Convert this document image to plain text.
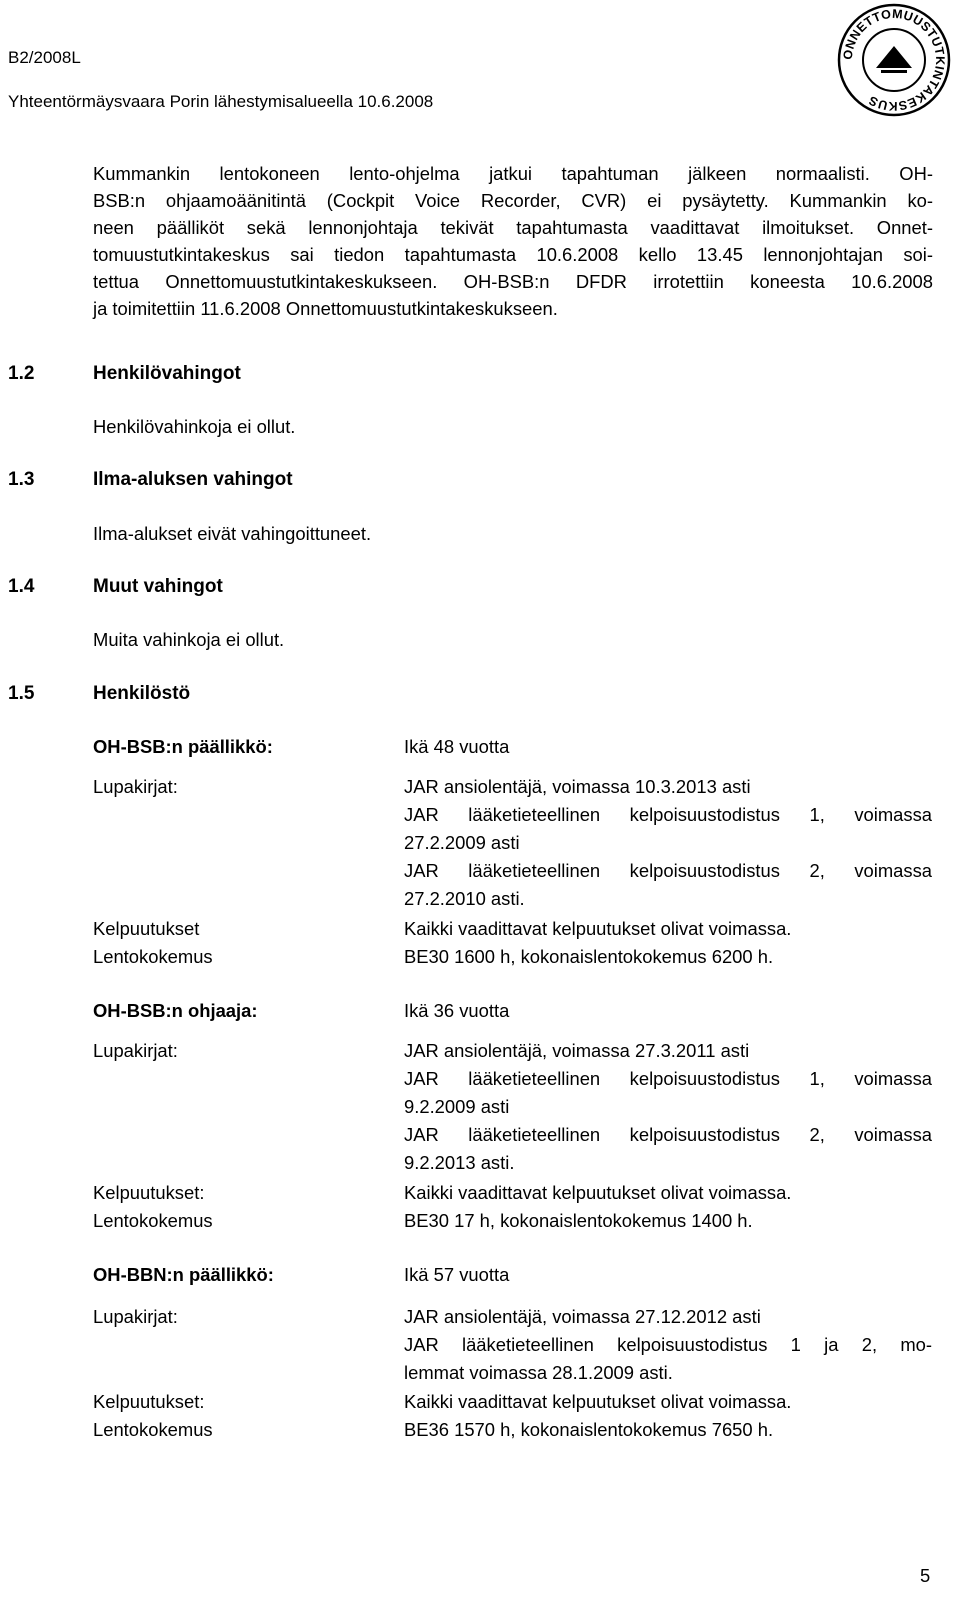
B2/2008L
Yhteentörmäysvaara Porin lähestymisalueella 10.6.2008
ONNETTOMUUSTUTKINTAKESKUS
Kummankin lentokoneen lento-ohjelma jatkui tapahtuman jälkeen normaalisti. OH-
BSB:n ohjaamoäänitintä (Cockpit Voice Recorder, CVR) ei pysäytetty. Kummankin ko-
neen päälliköt sekä lennonjohtaja tekivät tapahtumasta vaadittavat ilmoitukset. Onnet-
tomuustutkintakeskus sai tiedon tapahtumasta 10.6.2008 kello 13.45 lennonjohtajan soi-
tettua Onnettomuustutkintakeskukseen. OH-BSB:n DFDR irrotettiin koneesta 10.6.2008
ja toimitettiin 11.6.2008 Onnettomuustutkintakeskukseen.
1.2	Henkilövahingot
Henkilövahinkoja ei ollut.
1.3	Ilma-aluksen vahingot
Ilma-alukset eivät vahingoittuneet.
1.4	Muut vahingot
Muita vahinkoja ei ollut.
1.5	Henkilöstö
OH-BSB:n päällikkö:	Ikä 48 vuotta
Lupakirjat:	JAR ansiolentäjä, voimassa 10.3.2013 asti
JAR lääketieteellinen kelpoisuustodistus 1, voimassa
27.2.2009 asti
JAR lääketieteellinen kelpoisuustodistus 2, voimassa
27.2.2010 asti.
Kelpuutukset	Kaikki vaadittavat kelpuutukset olivat voimassa.
Lentokokemus	BE30 1600 h, kokonaislentokokemus 6200 h.
OH-BSB:n ohjaaja:	Ikä 36 vuotta
Lupakirjat:	JAR ansiolentäjä, voimassa 27.3.2011 asti
JAR lääketieteellinen kelpoisuustodistus 1, voimassa
9.2.2009 asti
JAR lääketieteellinen kelpoisuustodistus 2, voimassa
9.2.2013 asti.
Kelpuutukset:	Kaikki vaadittavat kelpuutukset olivat voimassa.
Lentokokemus	BE30 17 h, kokonaislentokokemus 1400 h.
OH-BBN:n päällikkö:	Ikä 57 vuotta
Lupakirjat:	JAR ansiolentäjä, voimassa 27.12.2012 asti
JAR lääketieteellinen kelpoisuustodistus 1 ja 2, mo-
lemmat voimassa 28.1.2009 asti.
Kelpuutukset:	Kaikki vaadittavat kelpuutukset olivat voimassa.
Lentokokemus	BE36 1570 h, kokonaislentokokemus 7650 h.
5
